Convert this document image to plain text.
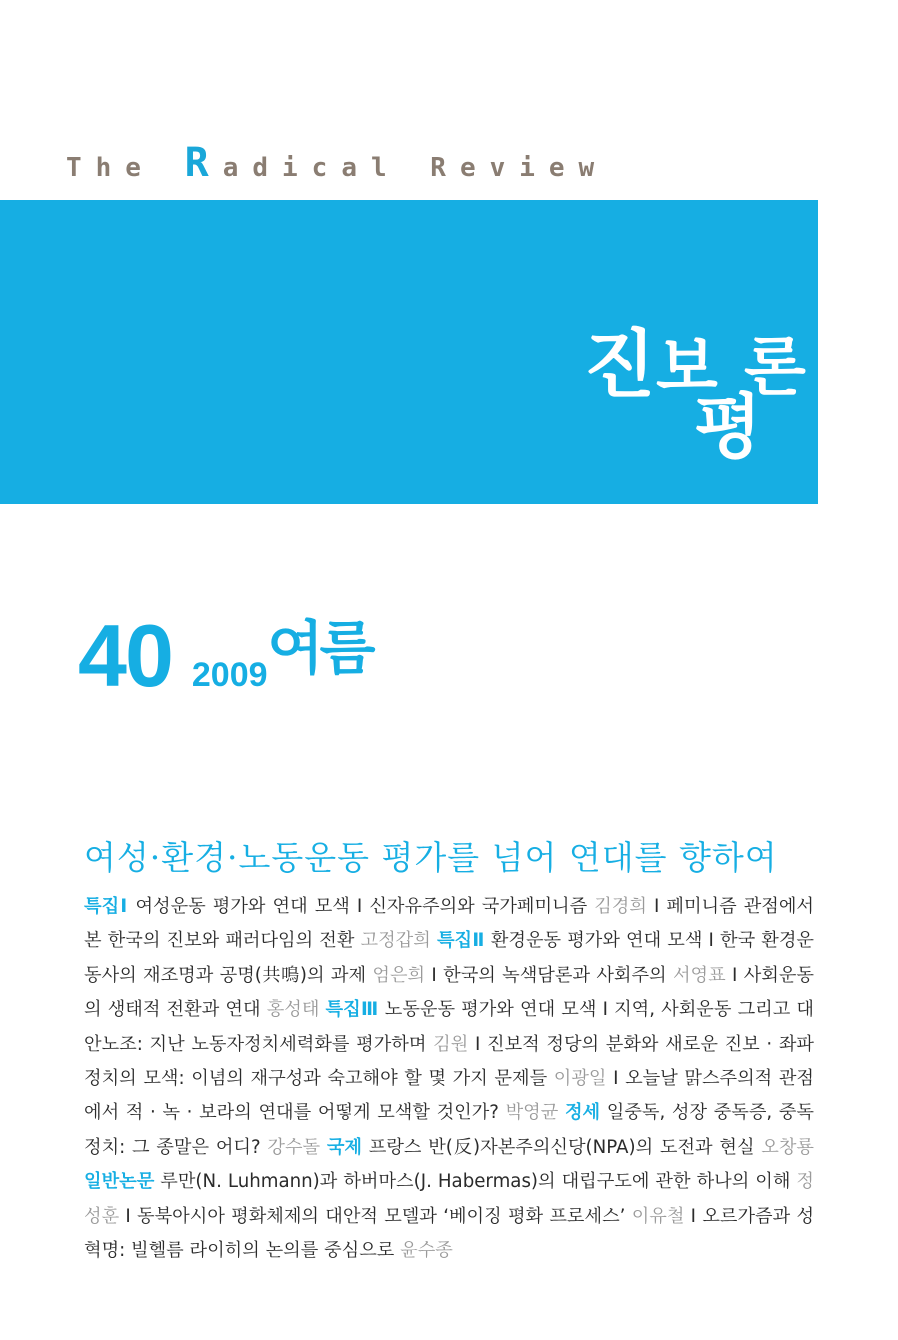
The Radical Review
진 보
평
론
40 2009여름
여성·환경·노동운동 평가를 넘어 연대를 향하여
특집Ⅰ 여성운동 평가와 연대 모색 I 신자유주의와 국가페미니즘 김경희 I 페미니즘 관점에서 본 한국의 진보와 패러다임의 전환 고정갑희 특집Ⅱ 환경운동 평가와 연대 모색 I 한국 환경운동사의 재조명과 공명(共鳴)의 과제 엄은희 I 한국의 녹색담론과 사회주의 서영표 I 사회운동의 생태적 전환과 연대 홍성태 특집Ⅲ 노동운동 평가와 연대 모색 I 지역, 사회운동 그리고 대안노조: 지난 노동자정치세력화를 평가하며 김원 I 진보적 정당의 분화와 새로운 진보 · 좌파정치의 모색: 이념의 재구성과 숙고해야 할 몇 가지 문제들 이광일 I 오늘날 맑스주의적 관점에서 적 · 녹 · 보라의 연대를 어떻게 모색할 것인가? 박영균 정세 일중독, 성장 중독증, 중독 정치: 그 종말은 어디? 강수돌 국제 프랑스 반(反)자본주의신당(NPA)의 도전과 현실 오창룡 일반논문 루만(N. Luhmann)과 하버마스(J. Habermas)의 대립구도에 관한 하나의 이해 정성훈 I 동북아시아 평화체제의 대안적 모델과 ‘베이징 평화 프로세스’ 이유철 I 오르가즘과 성혁명: 빌헬름 라이히의 논의를 중심으로 윤수종
